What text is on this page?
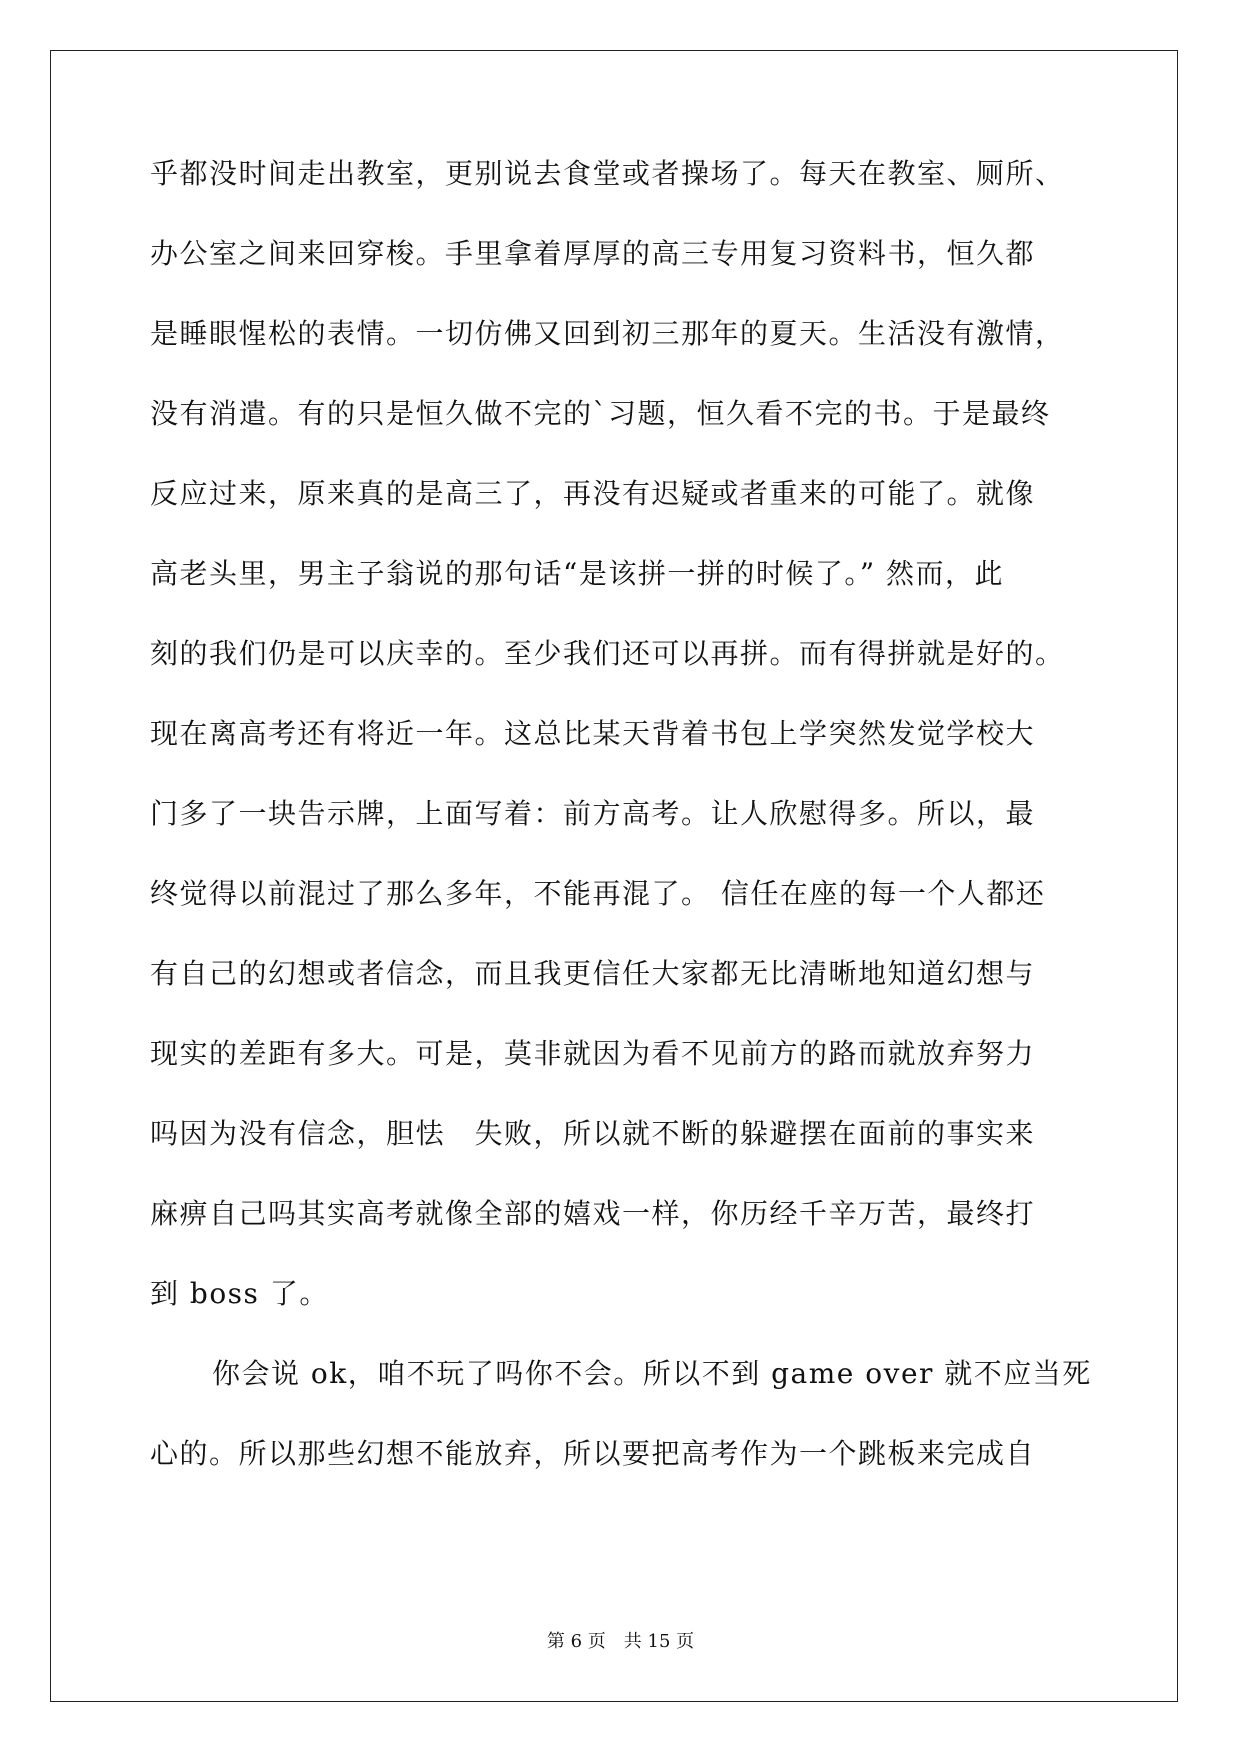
乎都没时间走出教室，更别说去食堂或者操场了。每天在教室、厕所、
办公室之间来回穿梭。手里拿着厚厚的高三专用复习资料书，恒久都
是睡眼惺松的表情。一切仿佛又回到初三那年的夏天。生活没有激情，
没有消遣。有的只是恒久做不完的`习题，恒久看不完的书。于是最终
反应过来，原来真的是高三了，再没有迟疑或者重来的可能了。就像
高老头里，男主子翁说的那句话“是该拼一拼的时候了。” 然而，此
刻的我们仍是可以庆幸的。至少我们还可以再拼。而有得拼就是好的。
现在离高考还有将近一年。这总比某天背着书包上学突然发觉学校大
门多了一块告示牌，上面写着：前方高考。让人欣慰得多。所以，最
终觉得以前混过了那么多年，不能再混了。 信任在座的每一个人都还
有自己的幻想或者信念，而且我更信任大家都无比清晰地知道幻想与
现实的差距有多大。可是，莫非就因为看不见前方的路而就放弃努力
吗因为没有信念，胆怯　失败，所以就不断的躲避摆在面前的事实来
麻痹自己吗其实高考就像全部的嬉戏一样，你历经千辛万苦，最终打
到 boss 了。
你会说 ok，咱不玩了吗你不会。所以不到 game over 就不应当死
心的。所以那些幻想不能放弃，所以要把高考作为一个跳板来完成自
第 6 页 共 15 页
